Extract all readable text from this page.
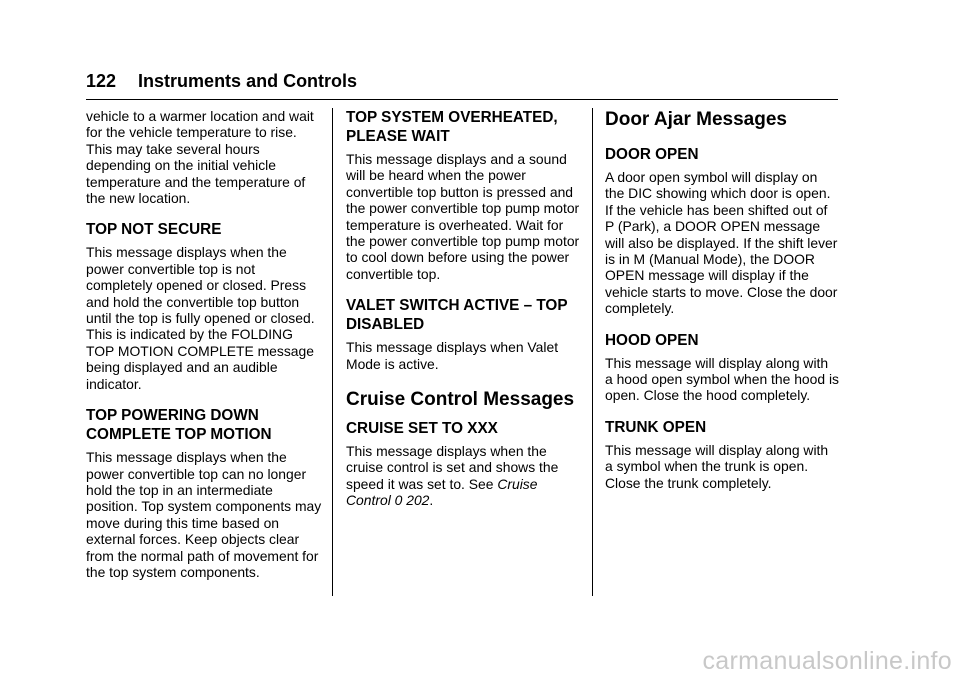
122 Instruments and Controls

vehicle to a warmer location and wait for the vehicle temperature to rise. This may take several hours depending on the initial vehicle temperature and the temperature of the new location.

TOP NOT SECURE

This message displays when the power convertible top is not completely opened or closed. Press and hold the convertible top button until the top is fully opened or closed. This is indicated by the FOLDING TOP MOTION COMPLETE message being displayed and an audible indicator.

TOP POWERING DOWN COMPLETE TOP MOTION

This message displays when the power convertible top can no longer hold the top in an intermediate position. Top system components may move during this time based on external forces. Keep objects clear from the normal path of movement for the top system components.

TOP SYSTEM OVERHEATED, PLEASE WAIT

This message displays and a sound will be heard when the power convertible top button is pressed and the power convertible top pump motor temperature is overheated. Wait for the power convertible top pump motor to cool down before using the power convertible top.

VALET SWITCH ACTIVE – TOP DISABLED

This message displays when Valet Mode is active.

Cruise Control Messages
CRUISE SET TO XXX

This message displays when the cruise control is set and shows the speed it was set to. See Cruise Control 0 202.

Door Ajar Messages
DOOR OPEN

A door open symbol will display on the DIC showing which door is open. If the vehicle has been shifted out of P (Park), a DOOR OPEN message will also be displayed. If the shift lever is in M (Manual Mode), the DOOR OPEN message will display if the vehicle starts to move. Close the door completely.

HOOD OPEN

This message will display along with a hood open symbol when the hood is open. Close the hood completely.

TRUNK OPEN

This message will display along with a symbol when the trunk is open. Close the trunk completely.

carmanualsonline.info
